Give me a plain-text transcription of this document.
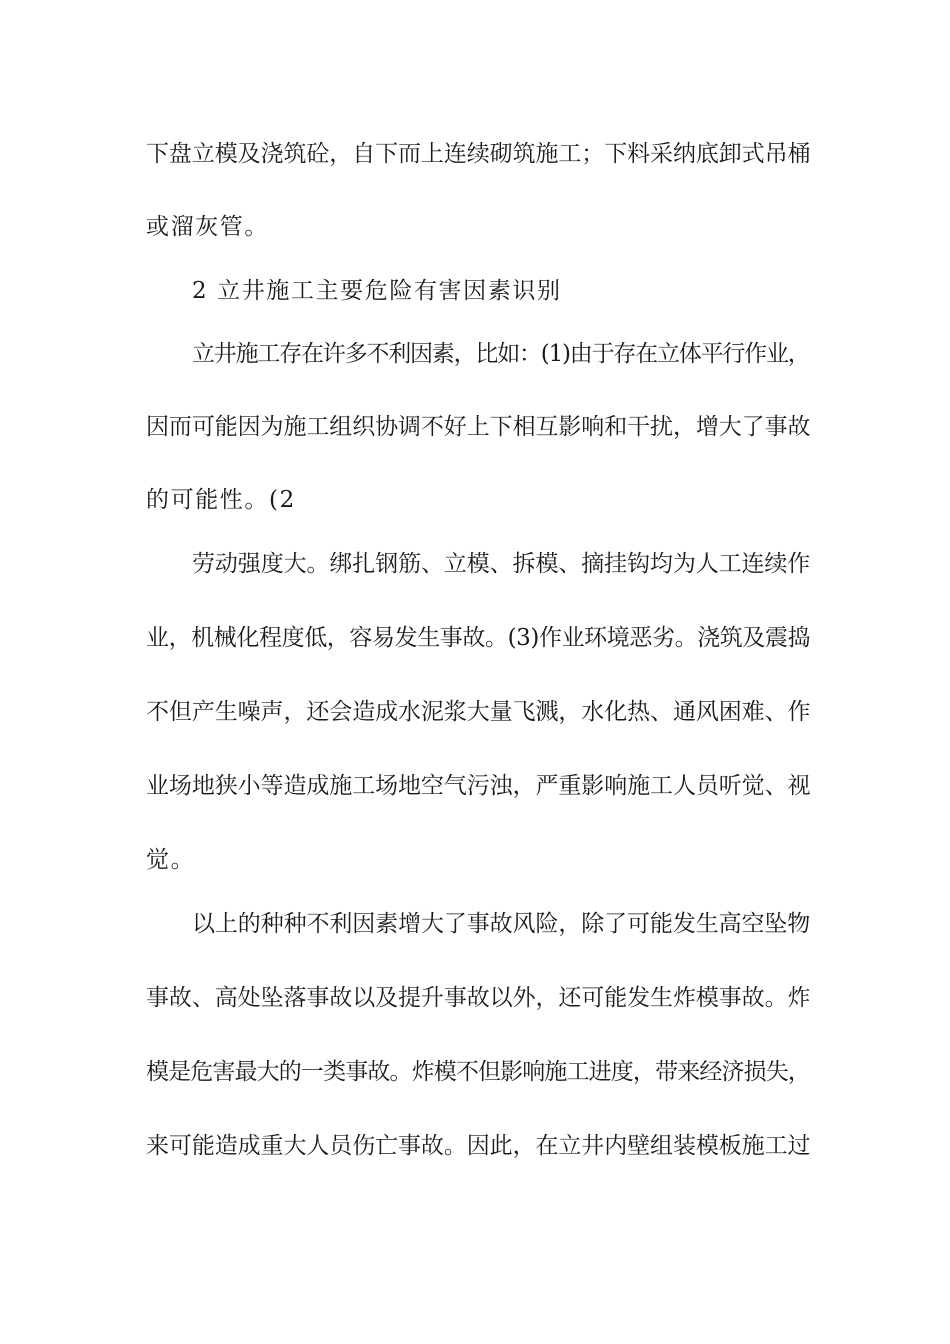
下盘立模及浇筑砼，自下而上连续砌筑施工；下料采纳底卸式吊桶
或溜灰管。
2 立井施工主要危险有害因素识别
立井施工存在许多不利因素，比如：(1)由于存在立体平行作业，
因而可能因为施工组织协调不好上下相互影响和干扰，增大了事故
的可能性。(2
劳动强度大。绑扎钢筋、立模、拆模、摘挂钩均为人工连续作
业，机械化程度低，容易发生事故。(3)作业环境恶劣。浇筑及震捣
不但产生噪声，还会造成水泥浆大量飞溅，水化热、通风困难、作
业场地狭小等造成施工场地空气污浊，严重影响施工人员听觉、视
觉。
以上的种种不利因素增大了事故风险，除了可能发生高空坠物
事故、高处坠落事故以及提升事故以外，还可能发生炸模事故。炸
模是危害最大的一类事故。炸模不但影响施工进度，带来经济损失，
来可能造成重大人员伤亡事故。因此，在立井内壁组装模板施工过
